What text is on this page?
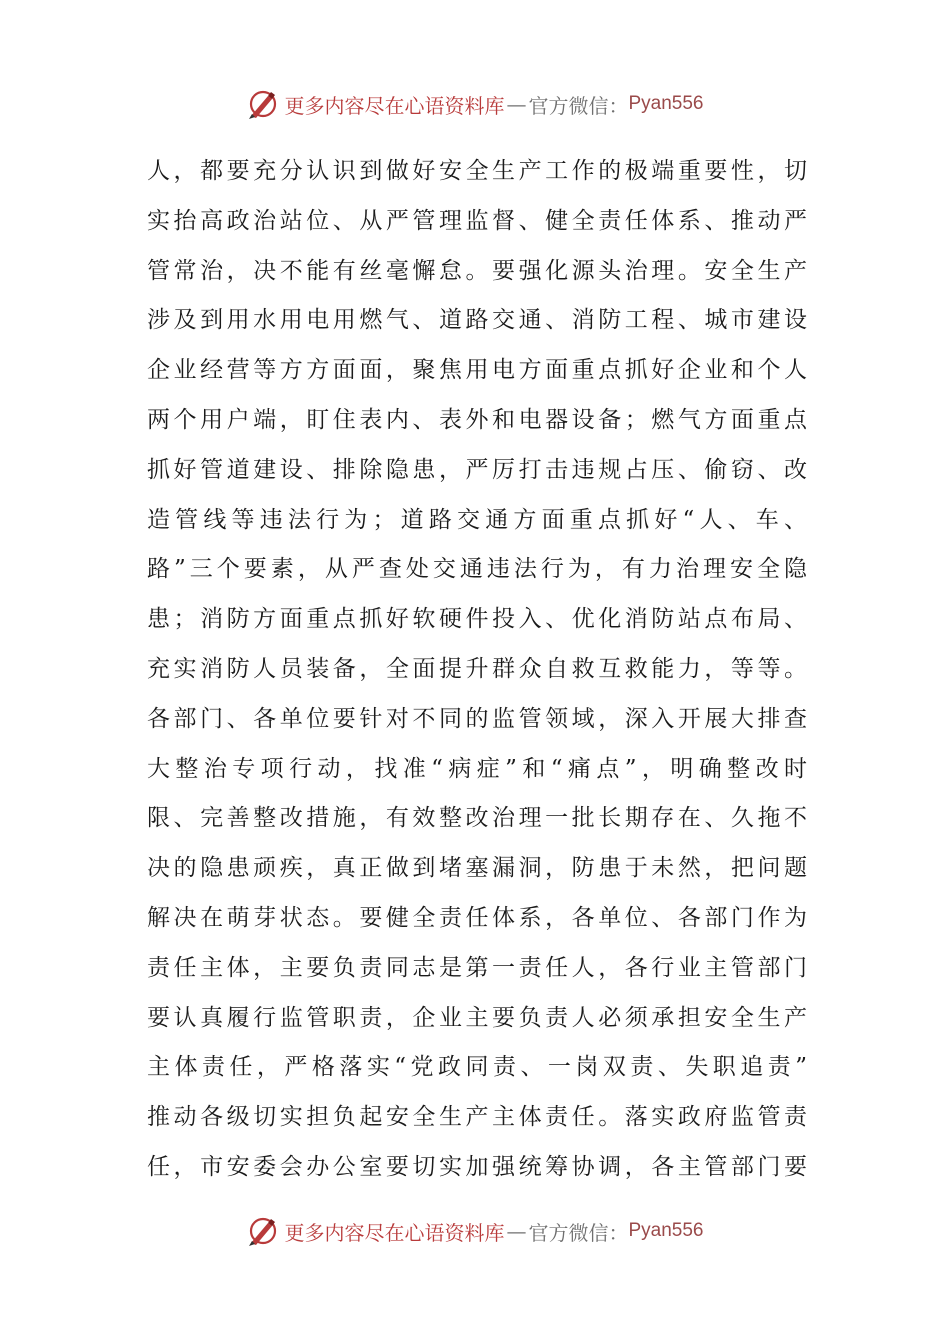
更多内容尽在心语资料库 — 官方微信： Pyan556
人，都要充分认识到做好安全生产工作的极端重要性，切
实抬高政治站位、从严管理监督、健全责任体系、推动严
管常治，决不能有丝毫懈怠。要强化源头治理。安全生产
涉及到用水用电用燃气、道路交通、消防工程、城市建设
企业经营等方方面面，聚焦用电方面重点抓好企业和个人
两个用户端，盯住表内、表外和电器设备；燃气方面重点
抓好管道建设、排除隐患，严厉打击违规占压、偷窃、改
造管线等违法行为；道路交通方面重点抓好“人、车、
路”三个要素，从严查处交通违法行为，有力治理安全隐
患；消防方面重点抓好软硬件投入、优化消防站点布局、
充实消防人员装备，全面提升群众自救互救能力，等等。
各部门、各单位要针对不同的监管领域，深入开展大排查
大整治专项行动，找准“病症”和“痛点”，明确整改时
限、完善整改措施，有效整改治理一批长期存在、久拖不
决的隐患顽疾，真正做到堵塞漏洞，防患于未然，把问题
解决在萌芽状态。要健全责任体系，各单位、各部门作为
责任主体，主要负责同志是第一责任人，各行业主管部门
要认真履行监管职责，企业主要负责人必须承担安全生产
主体责任，严格落实“党政同责、一岗双责、失职追责”
推动各级切实担负起安全生产主体责任。落实政府监管责
任，市安委会办公室要切实加强统筹协调，各主管部门要
更多内容尽在心语资料库 — 官方微信： Pyan556
